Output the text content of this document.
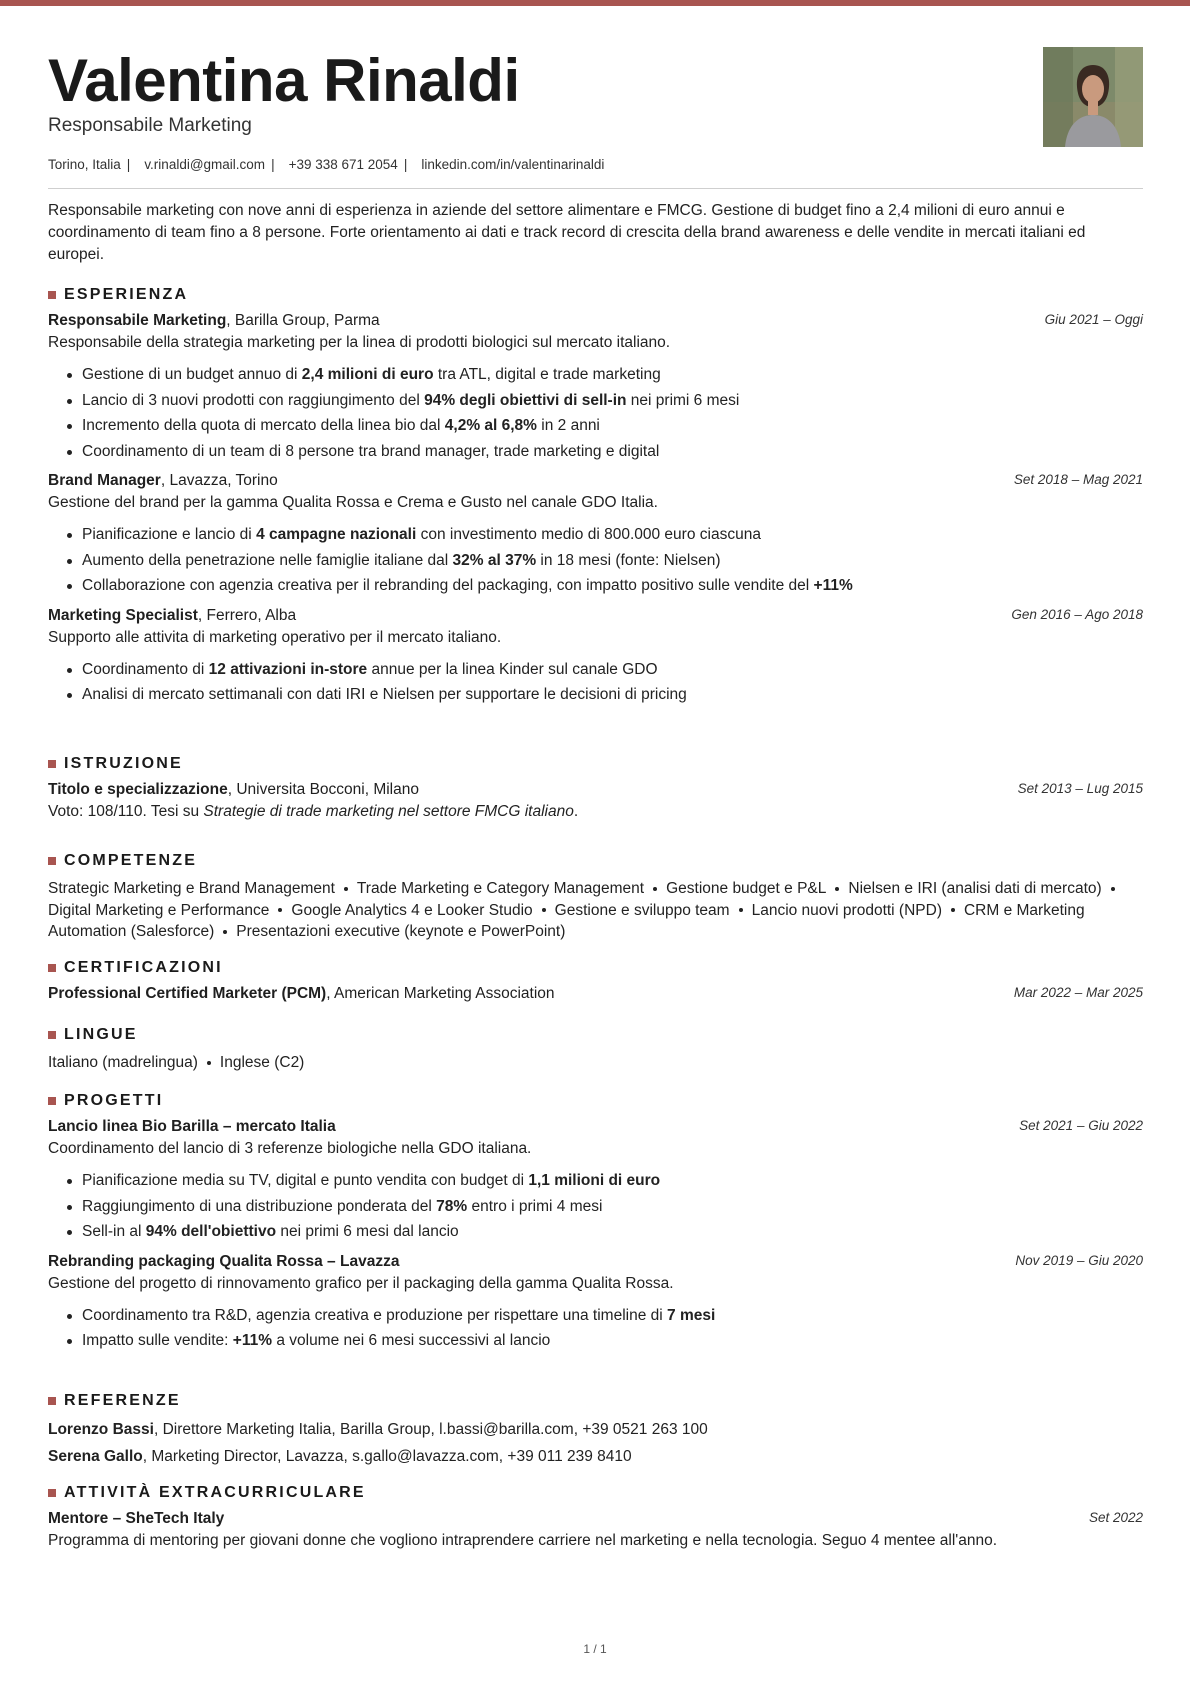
Valentina Rinaldi
Responsabile Marketing
Torino, Italia |	v.rinaldi@gmail.com |	+39 338 671 2054 |	linkedin.com/in/valentinarinaldi
Responsabile marketing con nove anni di esperienza in aziende del settore alimentare e FMCG. Gestione di budget fino a 2,4 milioni di euro annui e coordinamento di team fino a 8 persone. Forte orientamento ai dati e track record di crescita della brand awareness e delle vendite in mercati italiani ed europei.
ESPERIENZA
Responsabile Marketing, Barilla Group, Parma	Giu 2021 – Oggi
Responsabile della strategia marketing per la linea di prodotti biologici sul mercato italiano.
Gestione di un budget annuo di 2,4 milioni di euro tra ATL, digital e trade marketing
Lancio di 3 nuovi prodotti con raggiungimento del 94% degli obiettivi di sell-in nei primi 6 mesi
Incremento della quota di mercato della linea bio dal 4,2% al 6,8% in 2 anni
Coordinamento di un team di 8 persone tra brand manager, trade marketing e digital
Brand Manager, Lavazza, Torino	Set 2018 – Mag 2021
Gestione del brand per la gamma Qualita Rossa e Crema e Gusto nel canale GDO Italia.
Pianificazione e lancio di 4 campagne nazionali con investimento medio di 800.000 euro ciascuna
Aumento della penetrazione nelle famiglie italiane dal 32% al 37% in 18 mesi (fonte: Nielsen)
Collaborazione con agenzia creativa per il rebranding del packaging, con impatto positivo sulle vendite del +11%
Marketing Specialist, Ferrero, Alba	Gen 2016 – Ago 2018
Supporto alle attivita di marketing operativo per il mercato italiano.
Coordinamento di 12 attivazioni in-store annue per la linea Kinder sul canale GDO
Analisi di mercato settimanali con dati IRI e Nielsen per supportare le decisioni di pricing
ISTRUZIONE
Titolo e specializzazione, Universita Bocconi, Milano	Set 2013 – Lug 2015
Voto: 108/110. Tesi su Strategie di trade marketing nel settore FMCG italiano.
COMPETENZE
Strategic Marketing e Brand Management Trade Marketing e Category Management Gestione budget e P&L Nielsen e IRI (analisi dati di mercato)Digital Marketing e Performance Google Analytics 4 e Looker Studio Gestione e sviluppo team Lancio nuovi prodotti (NPD) CRM e Marketing Automation (Salesforce) Presentazioni executive (keynote e PowerPoint)
CERTIFICAZIONI
Professional Certified Marketer (PCM), American Marketing Association	Mar 2022 – Mar 2025
LINGUE
Italiano (madrelingua) Inglese (C2)
PROGETTI
Lancio linea Bio Barilla – mercato Italia	Set 2021 – Giu 2022
Coordinamento del lancio di 3 referenze biologiche nella GDO italiana.
Pianificazione media su TV, digital e punto vendita con budget di 1,1 milioni di euro
Raggiungimento di una distribuzione ponderata del 78% entro i primi 4 mesi
Sell-in al 94% dell'obiettivo nei primi 6 mesi dal lancio
Rebranding packaging Qualita Rossa – Lavazza	Nov 2019 – Giu 2020
Gestione del progetto di rinnovamento grafico per il packaging della gamma Qualita Rossa.
Coordinamento tra R&D, agenzia creativa e produzione per rispettare una timeline di 7 mesi
Impatto sulle vendite: +11% a volume nei 6 mesi successivi al lancio
REFERENZE
Lorenzo Bassi, Direttore Marketing Italia, Barilla Group, l.bassi@barilla.com, +39 0521 263 100
Serena Gallo, Marketing Director, Lavazza, s.gallo@lavazza.com, +39 011 239 8410
ATTIVITÀ EXTRACURRICULARE
Mentore – SheTech Italy	Set 2022
Programma di mentoring per giovani donne che vogliono intraprendere carriere nel marketing e nella tecnologia. Seguo 4 mentee all'anno.
1 / 1
